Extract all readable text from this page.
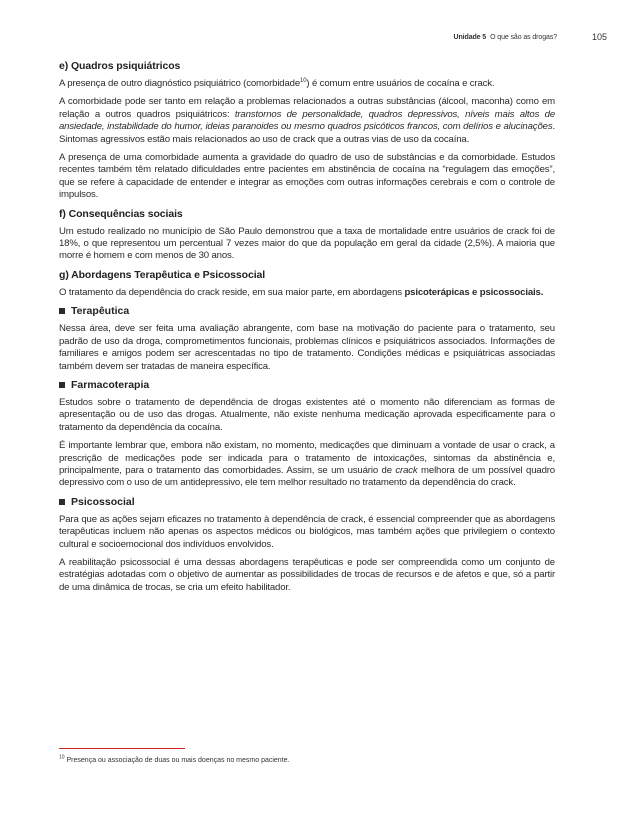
Unidade 5 O que são as drogas?
e) Quadros psiquiátricos

A presença de outro diagnóstico psiquiátrico (comorbidade$^{10}$) é comum entre usuários de cocaína e crack.

A comorbidade pode ser tanto em relação a problemas relacionados a outras substâncias (álcool, maconha) como em relação a outros quadros psiquiátricos: transtornos de personalidade, quadros depressivos, níveis mais altos de ansiedade, instabilidade do humor, ideias paranoides ou mesmo quadros psicóticos francos, com delírios e alucinações. Sintomas agressivos estão mais relacionados ao uso de crack que a outras vias de uso da cocaína.

A presença de uma comorbidade aumenta a gravidade do quadro de uso de substâncias e da comorbidade. Estudos recentes também têm relatado dificuldades entre pacientes em abstinência de cocaína na “regulagem das emoções”, que se refere à capacidade de entender e integrar as emoções com outras informações cerebrais e com o controle de impulsos.

f) Consequências sociais

Um estudo realizado no município de São Paulo demonstrou que a taxa de mortalidade entre usuários de crack foi de 18%, o que representou um percentual 7 vezes maior do que da população em geral da cidade (2,5%). A maioria que morre é homem e com menos de 30 anos.

g) Abordagens Terapêutica e Psicossocial

O tratamento da dependência do crack reside, em sua maior parte, em abordagens psicoterápicas e psicossociais.

Terapêutica

Nessa área, deve ser feita uma avaliação abrangente, com base na motivação do paciente para o tratamento, seu padrão de uso da droga, comprometimentos funcionais, problemas clínicos e psiquiátricos associados. Informações de familiares e amigos podem ser acrescentadas no tipo de tratamento. Condições médicas e psiquiátricas associadas também devem ser tratadas de maneira específica.

Farmacoterapia

Estudos sobre o tratamento de dependência de drogas existentes até o momento não diferenciam as formas de apresentação ou de uso das drogas. Atualmente, não existe nenhuma medicação aprovada especificamente para o tratamento da dependência da cocaína.

É importante lembrar que, embora não existam, no momento, medicações que diminuam a vontade de usar o crack, a prescrição de medicações pode ser indicada para o tratamento de intoxicações, sintomas da abstinência e, principalmente, para o tratamento das comorbidades. Assim, se um usuário de crack melhora de um possível quadro depressivo com o uso de um antidepressivo, ele tem melhor resultado no tratamento da dependência do crack.

Psicossocial

Para que as ações sejam eficazes no tratamento à dependência de crack, é essencial compreender que as abordagens terapêuticas incluem não apenas os aspectos médicos ou biológicos, mas também ações que privilegiem o contexto cultural e socioemocional dos indivíduos envolvidos.

A reabilitação psicossocial é uma dessas abordagens terapêuticas e pode ser compreendida como um conjunto de estratégias adotadas com o objetivo de aumentar as possibilidades de trocas de recursos e de afetos e que, só a partir de uma dinâmica de trocas, se cria um efeito habilitador.

105
$^{10}$ Presença ou associação de duas ou mais doenças no mesmo paciente.
